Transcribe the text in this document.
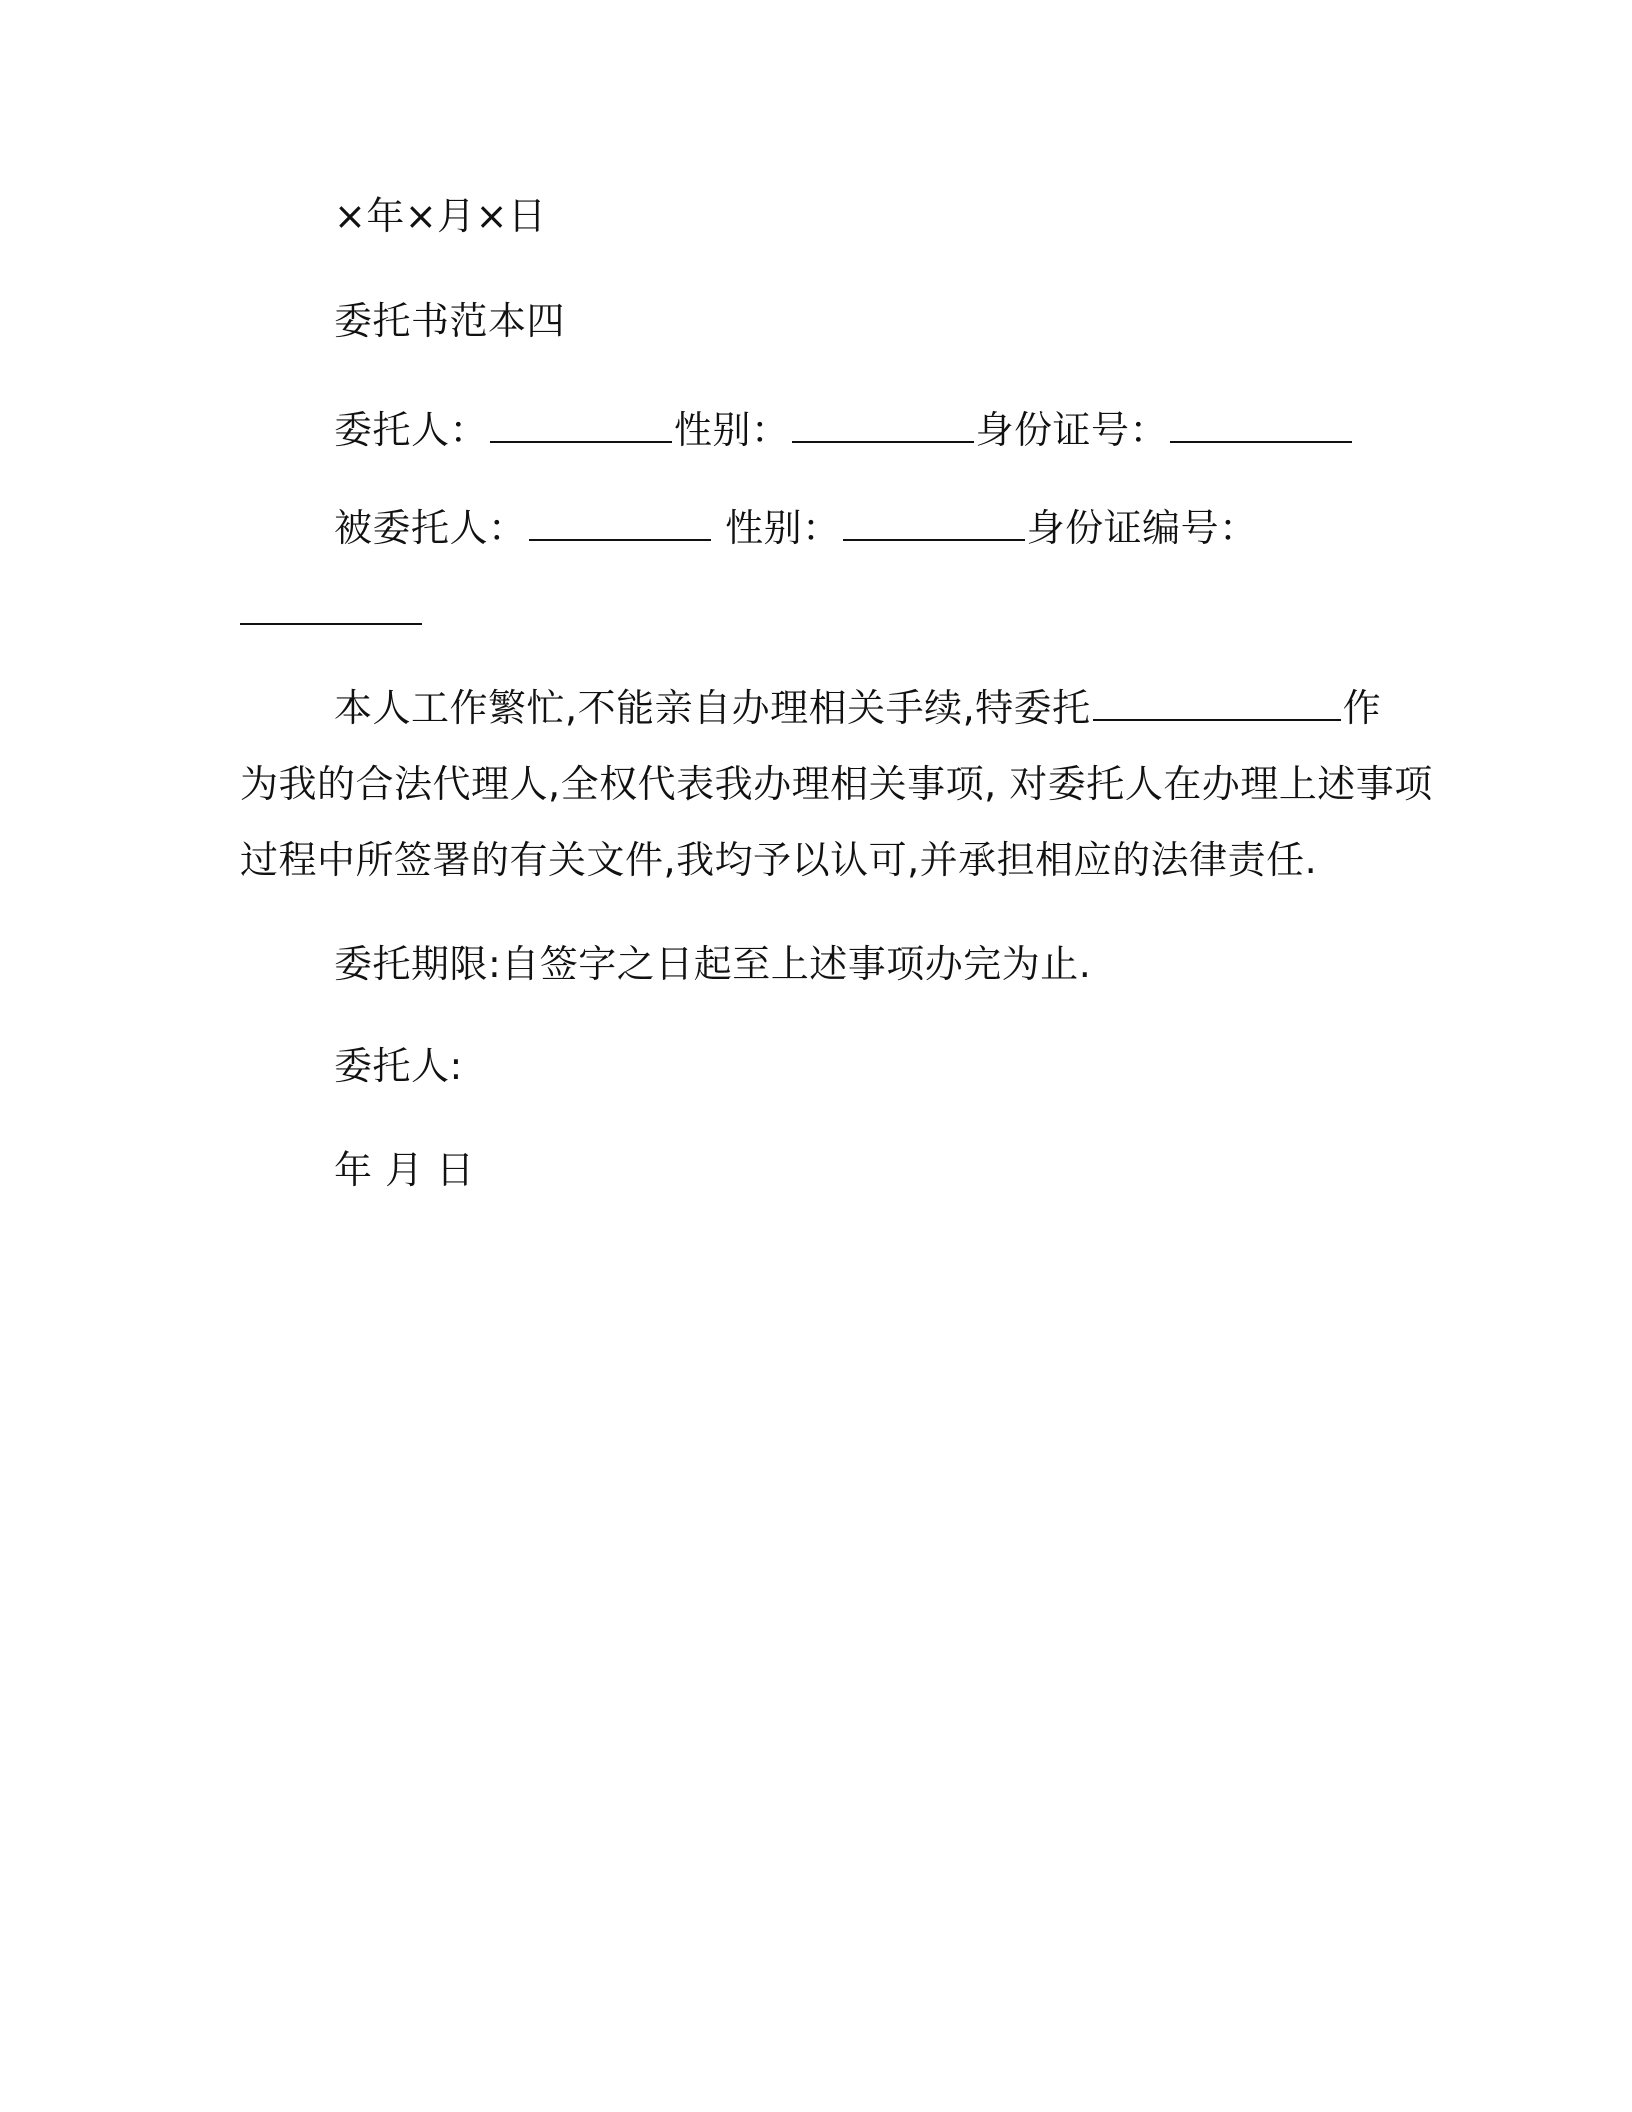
×年×月×日
委托书范本四
委托人：	性别：	身份证号：
被委托人：	性别：	身份证编号：
本人工作繁忙,不能亲自办理相关手续,特委托	作
为我的合法代理人,全权代表我办理相关事项, 对委托人在办理上述事项
过程中所签署的有关文件,我均予以认可,并承担相应的法律责任.
委托期限:自签字之日起至上述事项办完为止.
委托人:
年 月 日
